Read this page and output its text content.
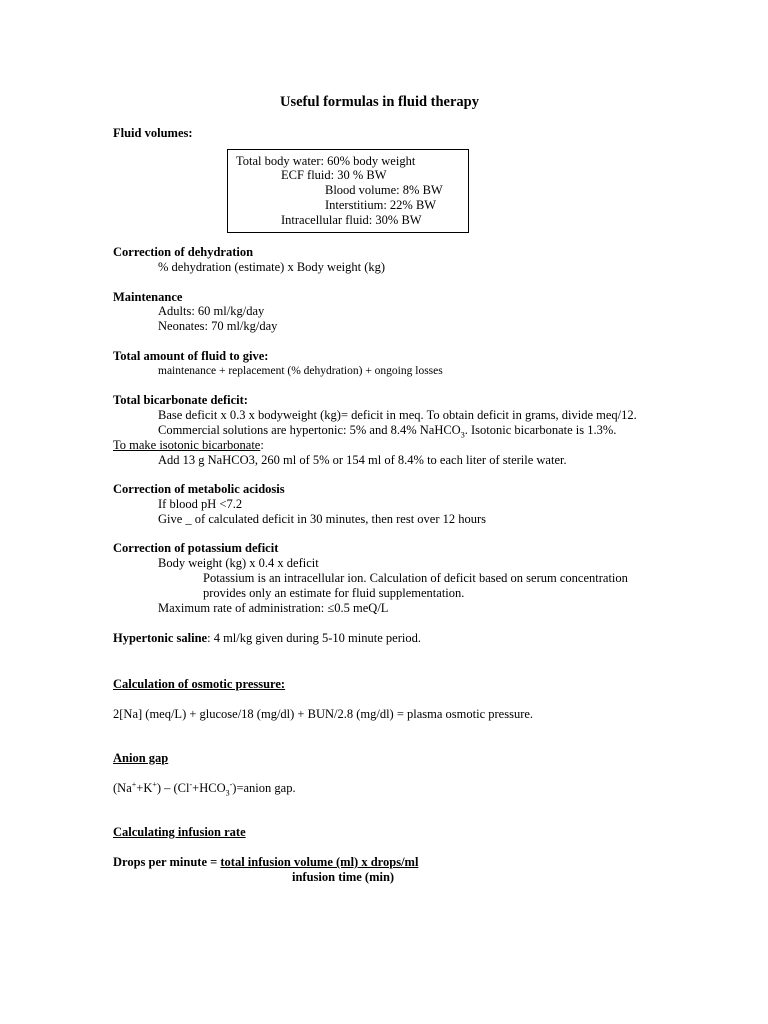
Useful formulas in fluid therapy
Fluid volumes:
Total body water: 60% body weight
ECF fluid: 30 % BW
Blood volume: 8% BW
Interstitium: 22% BW
Intracellular fluid: 30% BW
Correction of dehydration
% dehydration (estimate) x Body weight (kg)
Maintenance
Adults: 60 ml/kg/day
Neonates: 70 ml/kg/day
Total amount of fluid to give:
maintenance + replacement (% dehydration) + ongoing losses
Total bicarbonate deficit:
Base deficit x 0.3 x bodyweight (kg)= deficit in meq. To obtain deficit in grams, divide meq/12.
Commercial solutions are hypertonic: 5% and 8.4% NaHCO$_3$. Isotonic bicarbonate is 1.3%.
To make isotonic bicarbonate:
Add 13 g NaHCO3, 260 ml of 5% or 154 ml of 8.4% to each liter of sterile water.
Correction of metabolic acidosis
If blood pH <7.2
Give _ of calculated deficit in 30 minutes, then rest over 12 hours
Correction of potassium deficit
Body weight (kg) x 0.4 x deficit
Potassium is an intracellular ion. Calculation of deficit based on serum concentration
provides only an estimate for fluid supplementation.
Maximum rate of administration: ≤0.5 meQ/L
Hypertonic saline: 4 ml/kg given during 5-10 minute period.
Calculation of osmotic pressure:
2[Na] (meq/L) + glucose/18 (mg/dl) + BUN/2.8 (mg/dl) = plasma osmotic pressure.
Anion gap
$(Na^++K^+) - (Cl^-+HCO_3^-)=anion$ gap.
Calculating infusion rate
Drops per minute = total infusion volume (ml) x drops/ml
infusion time (min)
